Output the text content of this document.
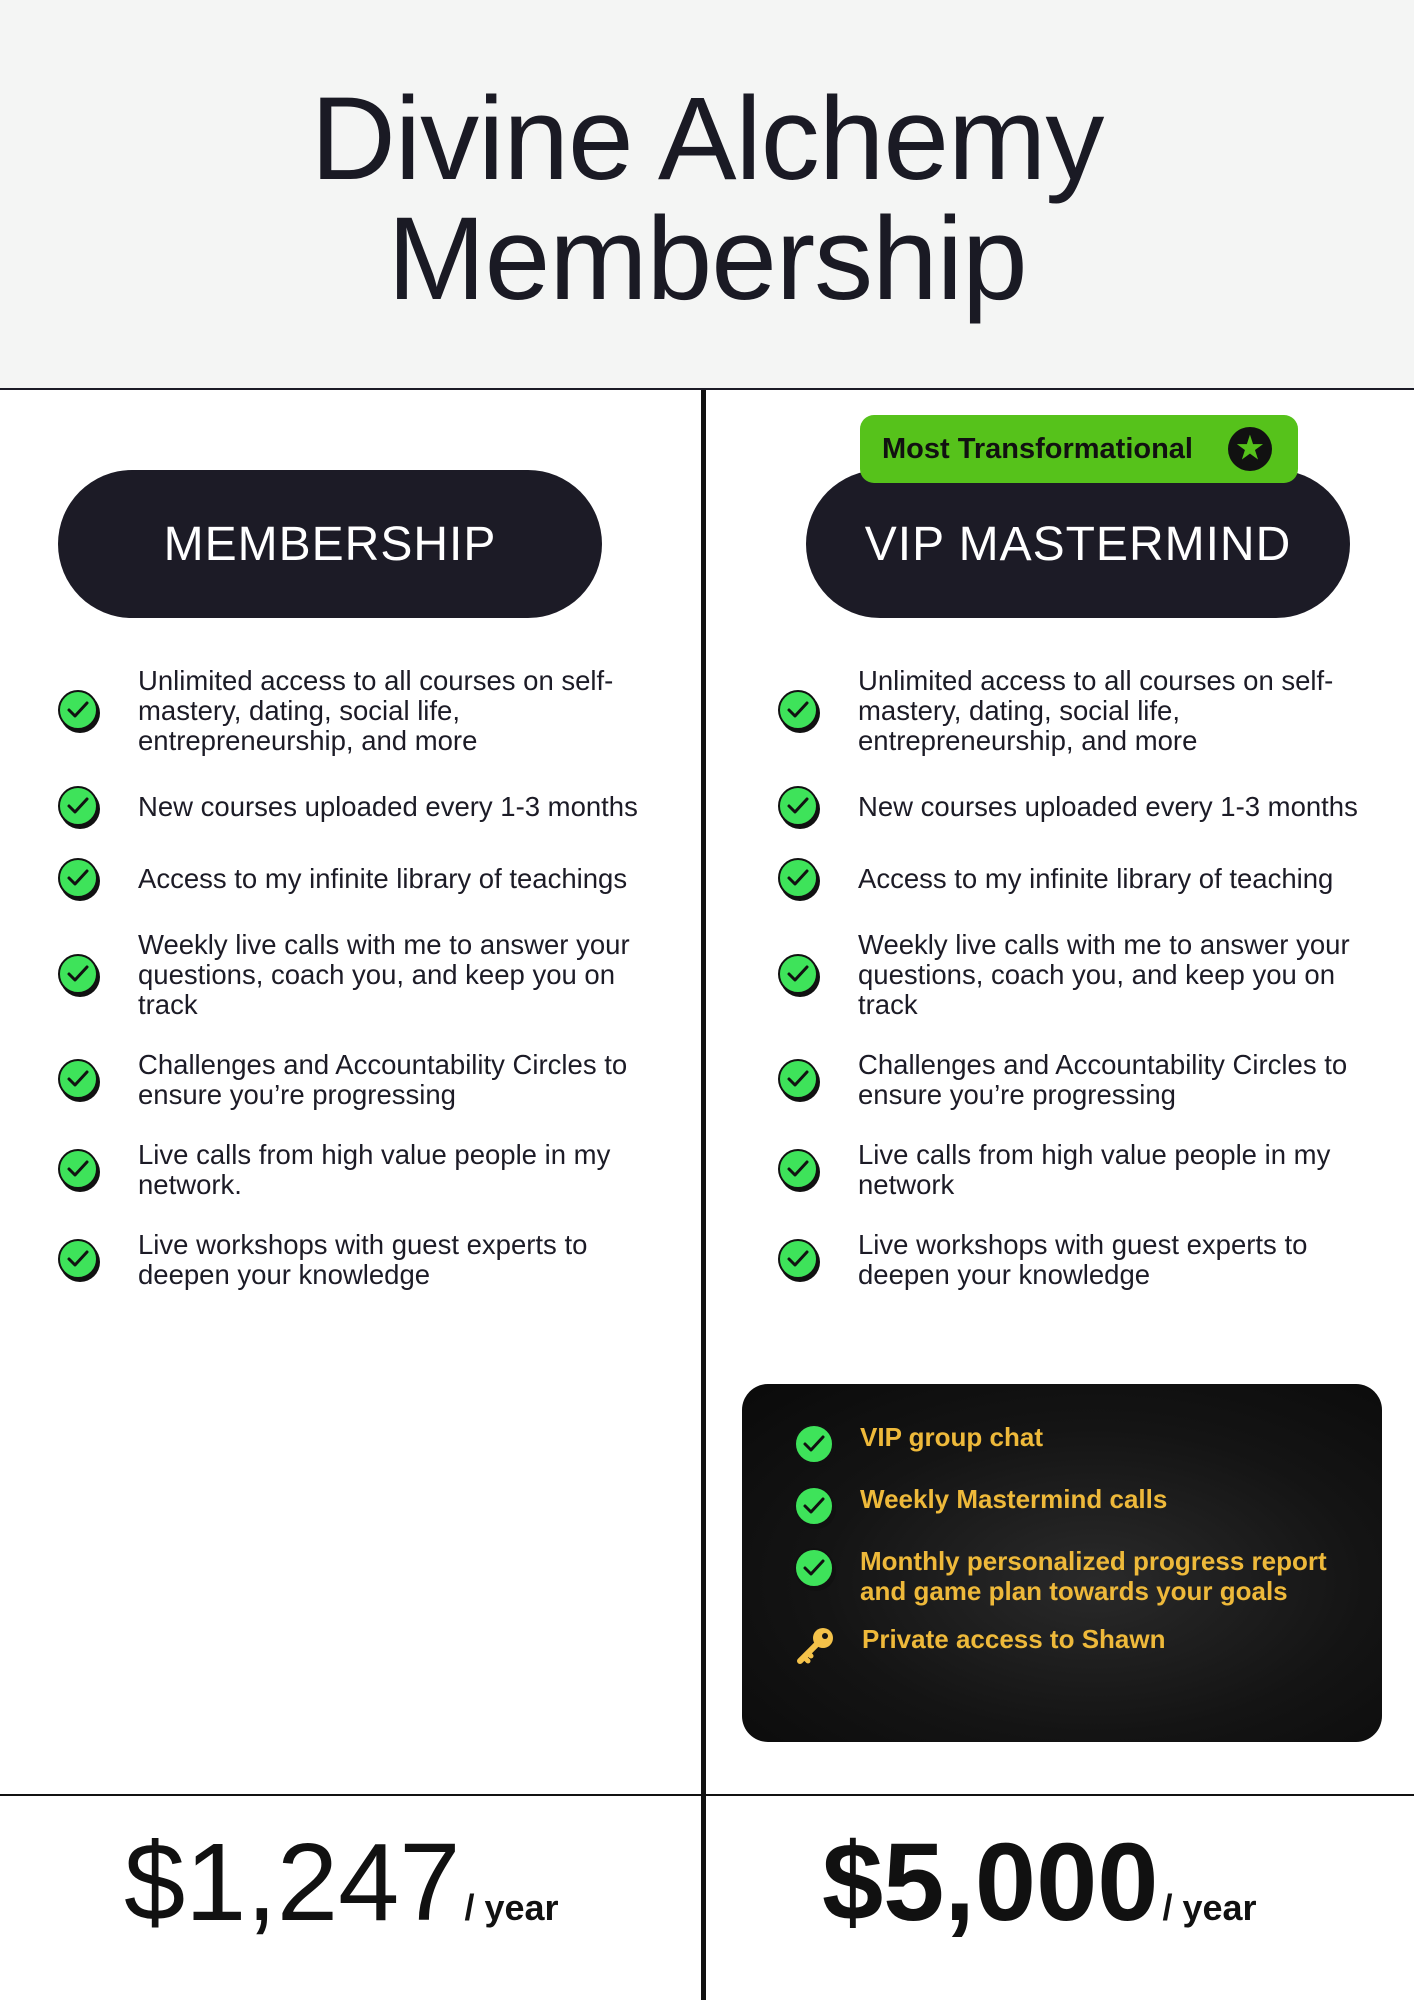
Divine Alchemy
Membership
MEMBERSHIP
Unlimited access to all courses on self-mastery, dating, social life, entrepreneurship, and more
New courses uploaded every 1-3 months
Access to my infinite library of teachings
Weekly live calls with me to answer your questions, coach you, and keep you on track
Challenges and Accountability Circles to ensure you’re progressing
Live calls from high value people in my network.
Live workshops with guest experts to deepen your knowledge
Most Transformational ★
VIP MASTERMIND
Unlimited access to all courses on self-mastery, dating, social life, entrepreneurship, and more
New courses uploaded every 1-3 months
Access to my infinite library of teaching
Weekly live calls with me to answer your questions, coach you, and keep you on track
Challenges and Accountability Circles to ensure you’re progressing
Live calls from high value people in my network
Live workshops with guest experts to deepen your knowledge
VIP group chat
Weekly Mastermind calls
Monthly personalized progress report and game plan towards your goals
Private access to Shawn
$1,247 / year $5,000 / year
